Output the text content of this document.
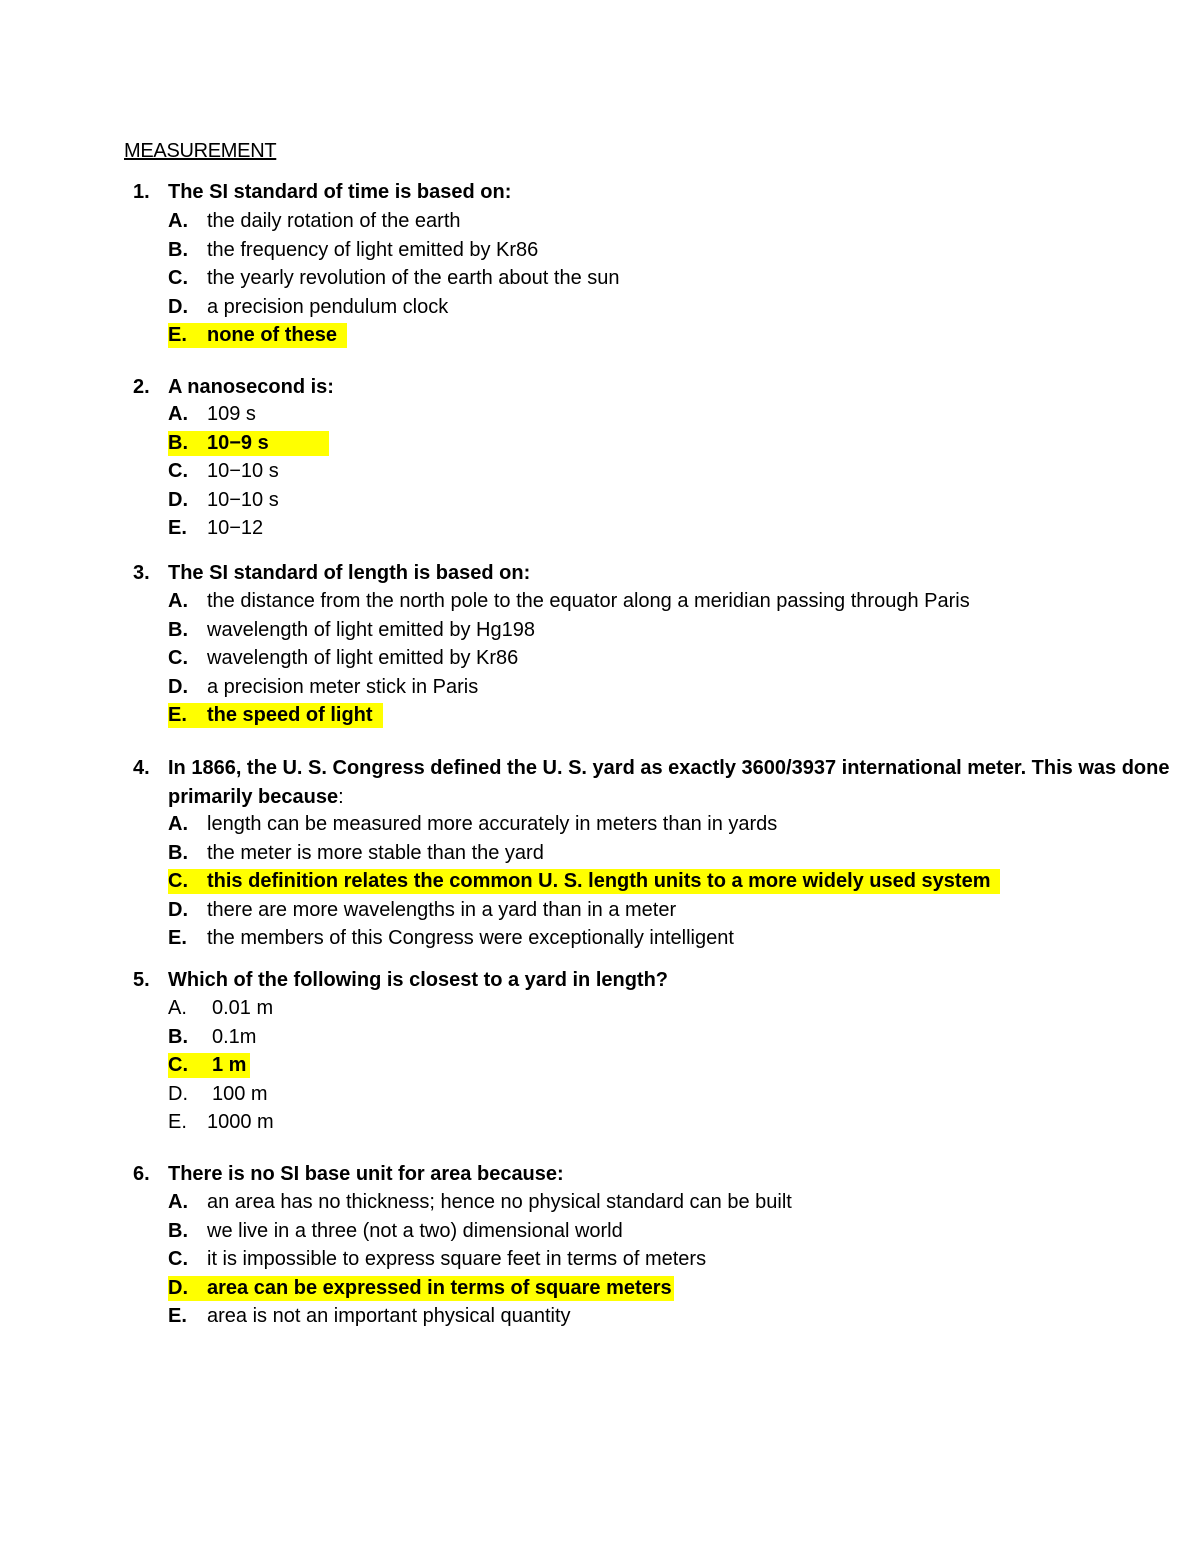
MEASUREMENT
1. The SI standard of time is based on:
A. the daily rotation of the earth
B. the frequency of light emitted by Kr86
C. the yearly revolution of the earth about the sun
D. a precision pendulum clock
E. none of these
2. A nanosecond is:
A. 109 s
B. 10−9 s
C. 10−10 s
D. 10−10 s
E. 10−12
3. The SI standard of length is based on:
A. the distance from the north pole to the equator along a meridian passing through Paris
B. wavelength of light emitted by Hg198
C. wavelength of light emitted by Kr86
D. a precision meter stick in Paris
E. the speed of light
4. In 1866, the U. S. Congress defined the U. S. yard as exactly 3600/3937 international meter. This was done primarily because:
A. length can be measured more accurately in meters than in yards
B. the meter is more stable than the yard
C. this definition relates the common U. S. length units to a more widely used system
D. there are more wavelengths in a yard than in a meter
E. the members of this Congress were exceptionally intelligent
5. Which of the following is closest to a yard in length?
A. 0.01 m
B. 0.1m
C. 1 m
D. 100 m
E. 1000 m
6. There is no SI base unit for area because:
A. an area has no thickness; hence no physical standard can be built
B. we live in a three (not a two) dimensional world
C. it is impossible to express square feet in terms of meters
D. area can be expressed in terms of square meters
E. area is not an important physical quantity
